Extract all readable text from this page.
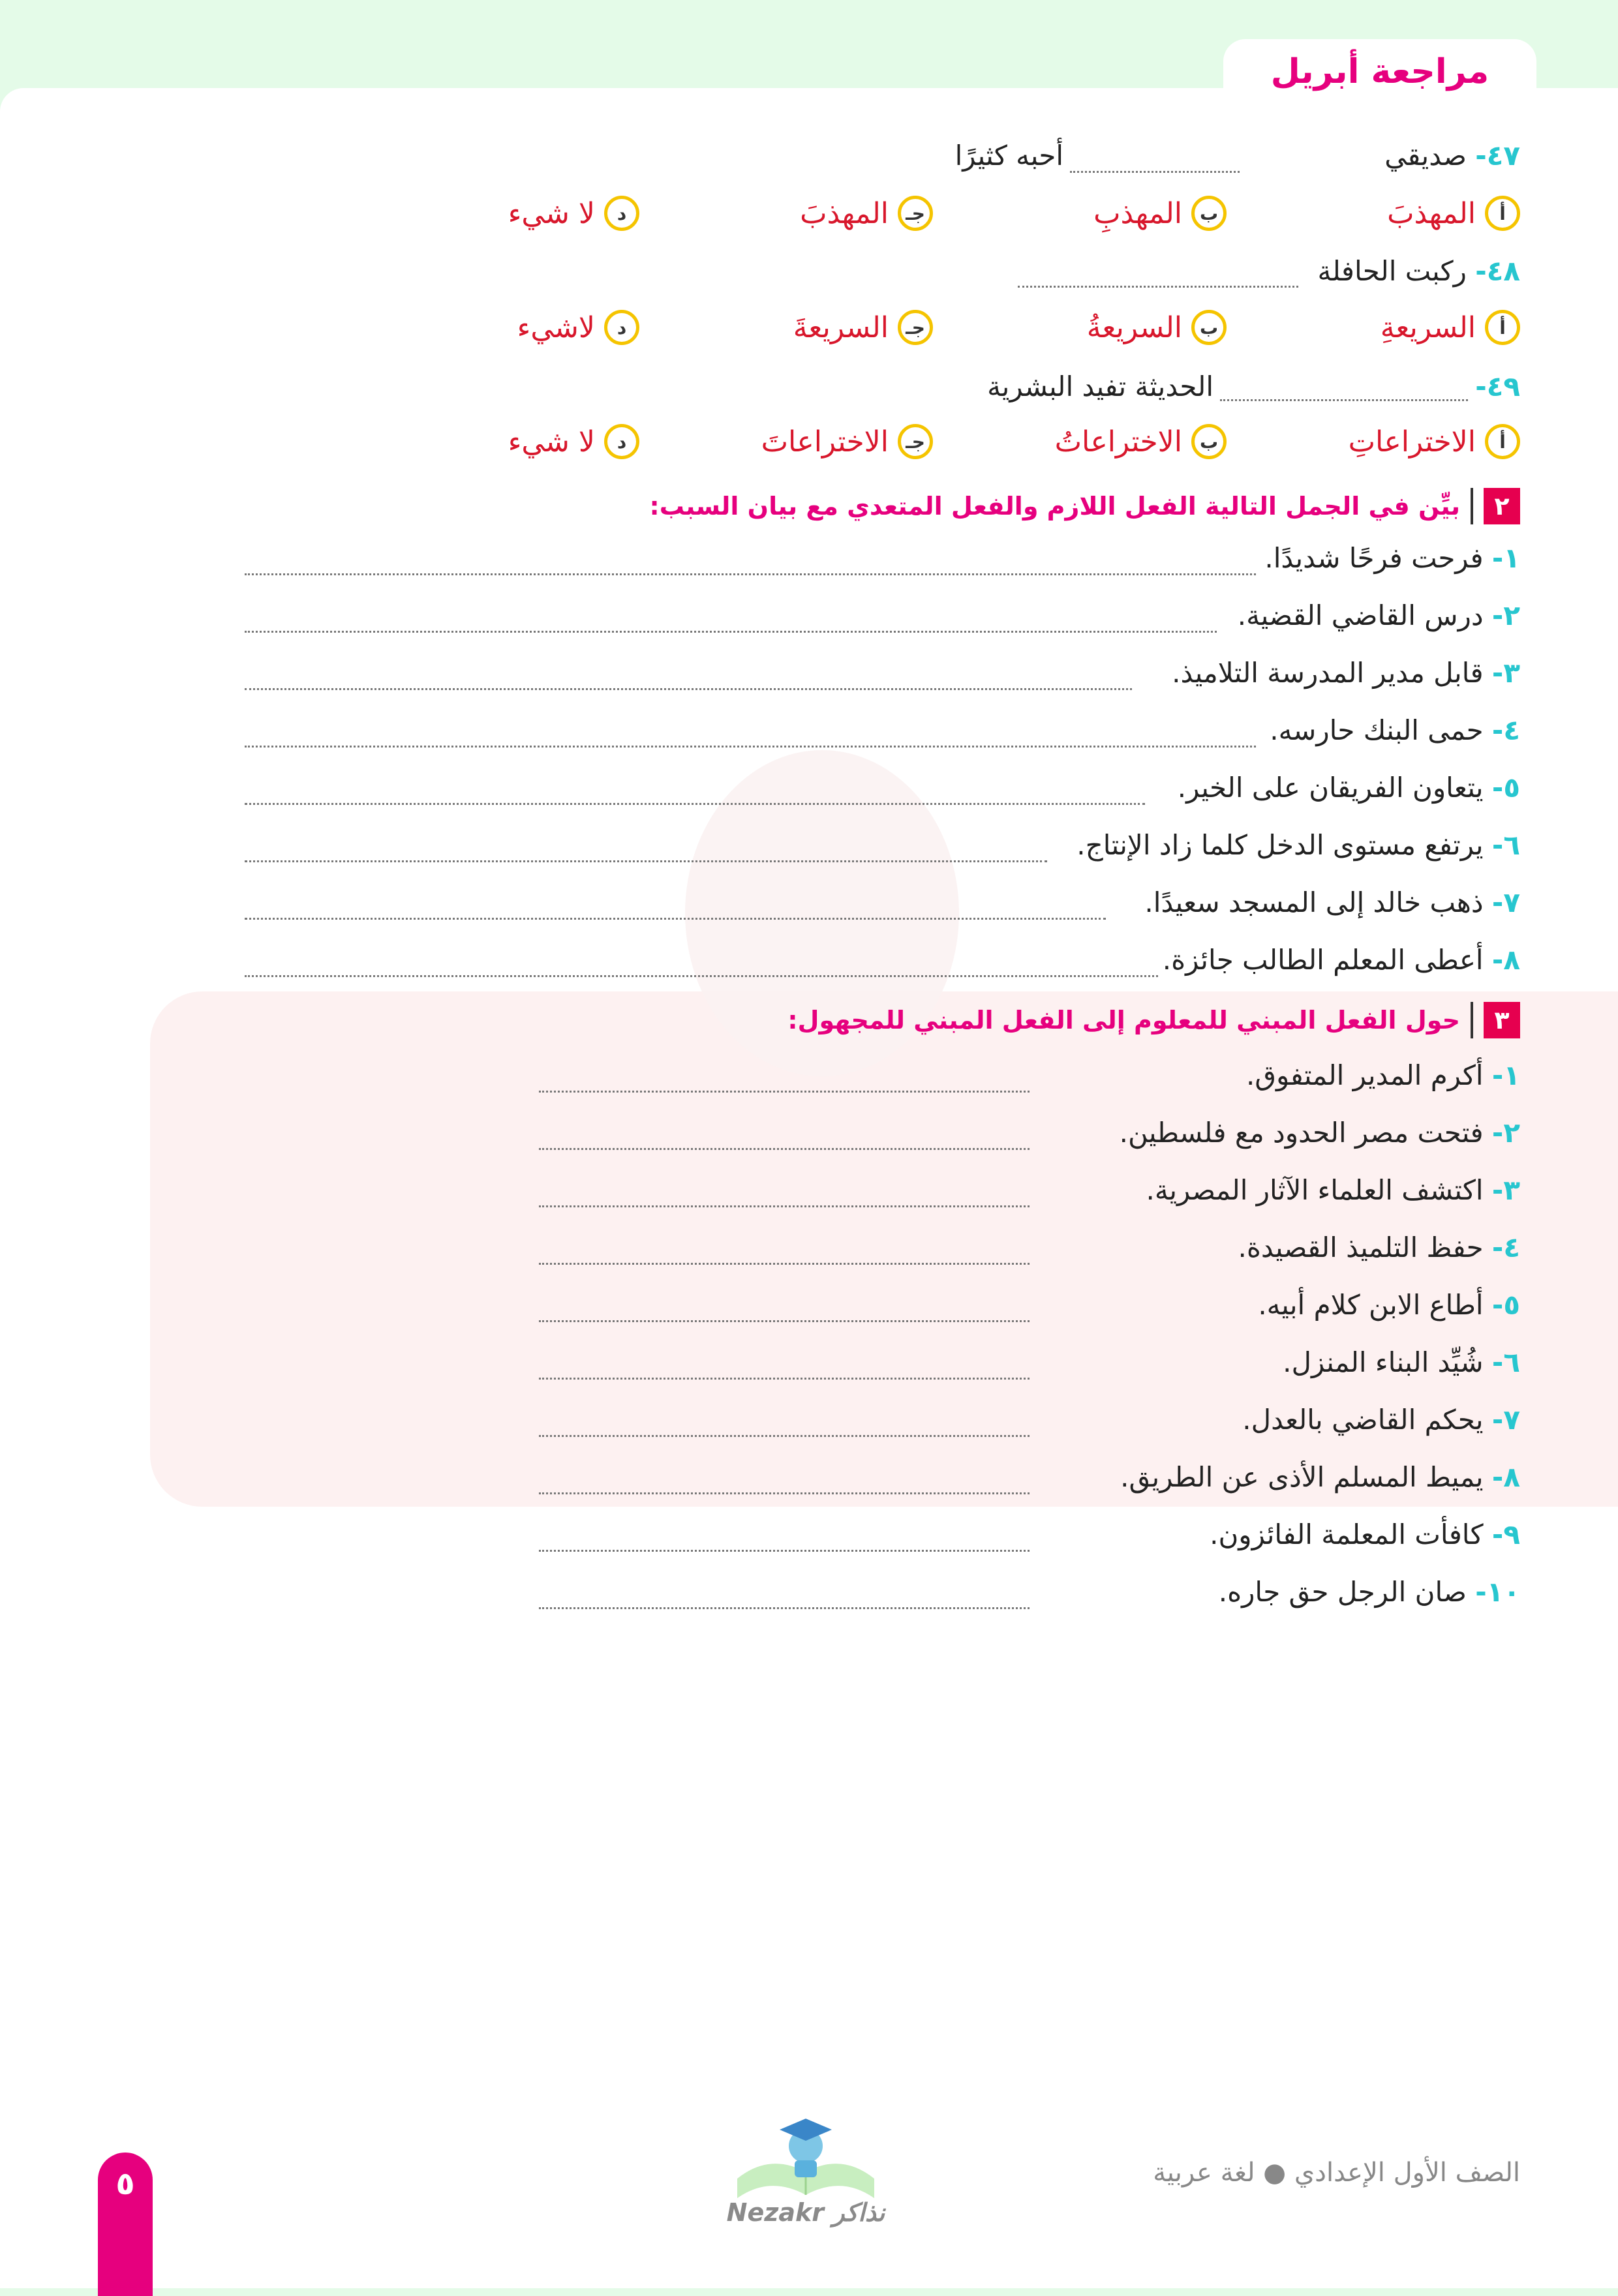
مراجعة أبريل
٤٧- صديقي
أحبه كثيرًا
أ
المهذبَ
ب
المهذبِ
جـ
المهذبَ
د
لا شيء
٤٨- ركبت الحافلة
أ
السريعةِ
ب
السريعةُ
جـ
السريعةَ
د
لاشيء
٤٩-
الحديثة تفيد البشرية
أ
الاختراعاتِ
ب
الاختراعاتُ
جـ
الاختراعاتَ
د
لا شيء
٢
بيِّن في الجمل التالية الفعل اللازم والفعل المتعدي مع بيان السبب:
١- فرحت فرحًا شديدًا.
٢- درس القاضي القضية.
٣- قابل مدير المدرسة التلاميذ.
٤- حمى البنك حارسه.
٥- يتعاون الفريقان على الخير.
٦- يرتفع مستوى الدخل كلما زاد الإنتاج.
٧- ذهب خالد إلى المسجد سعيدًا.
٨- أعطى المعلم الطالب جائزة.
٣
حول الفعل المبني للمعلوم إلى الفعل المبني للمجهول:
١- أكرم المدير المتفوق.
٢- فتحت مصر الحدود مع فلسطين.
٣- اكتشف العلماء الآثار المصرية.
٤- حفظ التلميذ القصيدة.
٥- أطاع الابن كلام أبيه.
٦- شُيِّد البناء المنزل.
٧- يحكم القاضي بالعدل.
٨- يميط المسلم الأذى عن الطريق.
٩- كافأت المعلمة الفائزون.
١٠- صان الرجل حق جاره.
الصف الأول الإعدادي ● لغة عربية
٥
Nezakr نذاكر
